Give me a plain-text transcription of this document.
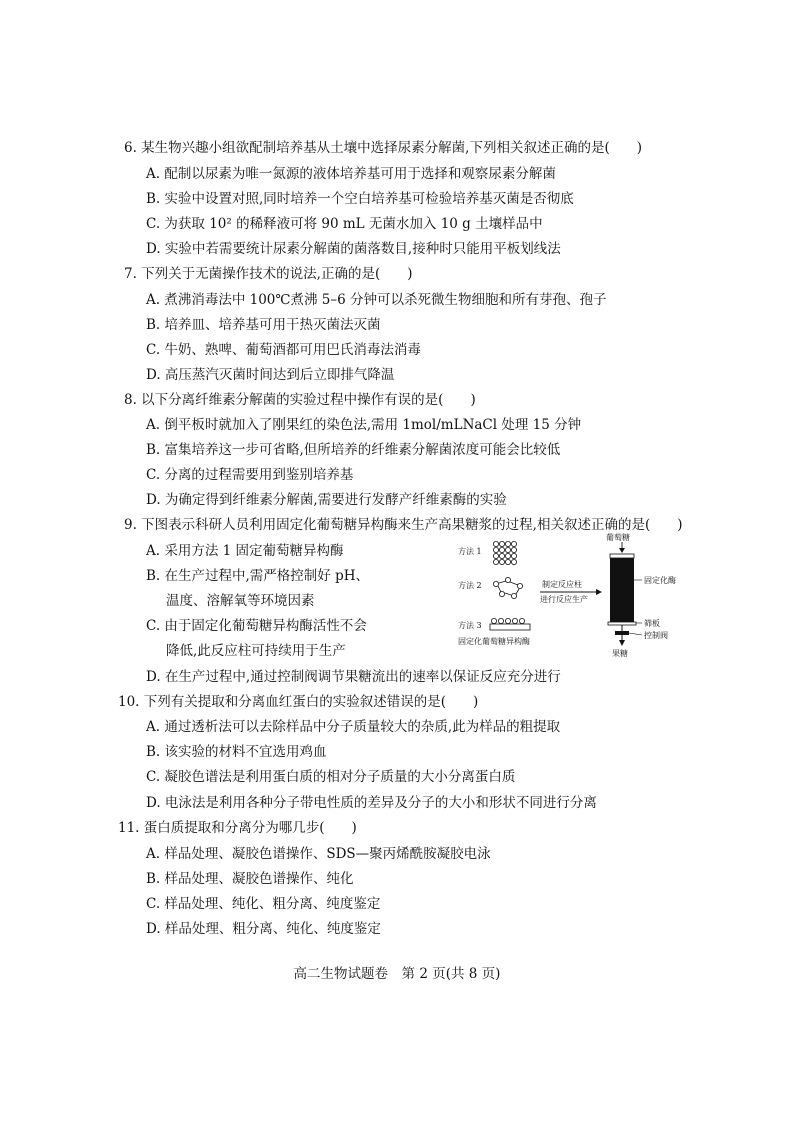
6. 某生物兴趣小组欲配制培养基从土壤中选择尿素分解菌,下列相关叙述正确的是(　　)
A. 配制以尿素为唯一氮源的液体培养基可用于选择和观察尿素分解菌
B. 实验中设置对照,同时培养一个空白培养基可检验培养基灭菌是否彻底
C. 为获取 10² 的稀释液可将 90 mL 无菌水加入 10 g 土壤样品中
D. 实验中若需要统计尿素分解菌的菌落数目,接种时只能用平板划线法
7. 下列关于无菌操作技术的说法,正确的是(　　)
A. 煮沸消毒法中 100℃煮沸 5–6 分钟可以杀死微生物细胞和所有芽孢、孢子
B. 培养皿、培养基可用干热灭菌法灭菌
C. 牛奶、熟啤、葡萄酒都可用巴氏消毒法消毒
D. 高压蒸汽灭菌时间达到后立即排气降温
8. 以下分离纤维素分解菌的实验过程中操作有误的是(　　)
A. 倒平板时就加入了刚果红的染色法,需用 1mol/mLNaCl 处理 15 分钟
B. 富集培养这一步可省略,但所培养的纤维素分解菌浓度可能会比较低
C. 分离的过程需要用到鉴别培养基
D. 为确定得到纤维素分解菌,需要进行发酵产纤维素酶的实验
9. 下图表示科研人员利用固定化葡萄糖异构酶来生产高果糖浆的过程,相关叙述正确的是(　　)
A. 采用方法 1 固定葡萄糖异构酶
B. 在生产过程中,需严格控制好 pH、
温度、溶解氧等环境因素
C. 由于固定化葡萄糖异构酶活性不会
降低,此反应柱可持续用于生产
D. 在生产过程中,通过控制阀调节果糖流出的速率以保证反应充分进行
方法 1
方法 2
方法 3
固定化葡萄糖异构酶
制定反应柱
进行反应生产
葡萄糖
果糖
固定化酶
筛板
控制阀
10. 下列有关提取和分离血红蛋白的实验叙述错误的是(　　)
A. 通过透析法可以去除样品中分子质量较大的杂质,此为样品的粗提取
B. 该实验的材料不宜选用鸡血
C. 凝胶色谱法是利用蛋白质的相对分子质量的大小分离蛋白质
D. 电泳法是利用各种分子带电性质的差异及分子的大小和形状不同进行分离
11. 蛋白质提取和分离分为哪几步(　　)
A. 样品处理、凝胶色谱操作、SDS—聚丙烯酰胺凝胶电泳
B. 样品处理、凝胶色谱操作、纯化
C. 样品处理、纯化、粗分离、纯度鉴定
D. 样品处理、粗分离、纯化、纯度鉴定
高二生物试题卷　第 2 页(共 8 页)
